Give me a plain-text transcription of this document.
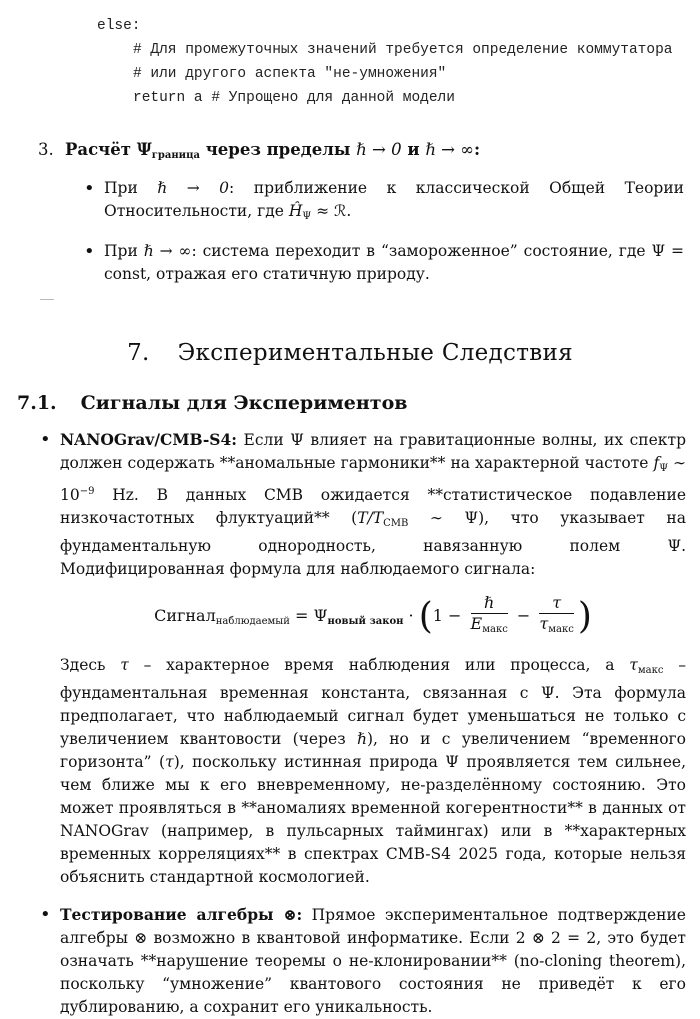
else:
# Для промежуточных значений требуется определение коммутатора
# или другого аспекта "не-умножения"
return a # Упрощено для данной модели
3. Расчёт $\Psi_{граница}$ через пределы ℏ → 0 и ℏ → ∞:
• При ℏ → 0: приближение к классической Общей Теории Относительности, где $Ĥ_\Psi$ ≈ ℛ.
• При ℏ → ∞: система переходит в “замороженное” состояние, где Ψ = const, отражая его статичную природу.
7. Экспериментальные Следствия
7.1. Сигналы для Экспериментов
• NANOGrav/CMB-S4: Если Ψ влияет на гравитационные волны, их спектр должен содержать **аномальные гармоники** на характерной частоте $f_\Psi$ ∼ $10^{-9}$ Hz. В данных CMB ожидается **статистическое подавление низкочастотных флуктуаций** ($T/T_{CMB}$ ∼ Ψ), что указывает на фундаментальную однородность, навязанную полем Ψ. Модифицированная формула для наблюдаемого сигнала:
Сигнал$_{наблюдаемый}$ = $\Psi_{новый закон} \cdot (1 - \frac{\text{ℏ}}{E_{макс}} - \frac{\tau}{\tau_{макс}}$ )
Здесь τ – характерное время наблюдения или процесса, а $\tau_{макс}$ – фундаментальная временная константа, связанная с Ψ. Эта формула предполагает, что наблюдаемый сигнал будет уменьшаться не только с увеличением квантовости (через ℏ), но и с увеличением “временного горизонта” (τ), поскольку истинная природа Ψ проявляется тем сильнее, чем ближе мы к его вневременному, не-разделённому состоянию. Это может проявляться в **аномалиях временной когерентности** в данных от NANOGrav (например, в пульсарных таймингах) или в **характерных временных корреляциях** в спектрах CMB-S4 2025 года, которые нельзя объяснить стандартной космологией.
• Тестирование алгебры ⊗: Прямое экспериментальное подтверждение алгебры ⊗ возможно в квантовой информатике. Если 2 ⊗ 2 = 2, это будет означать **нарушение теоремы о не-клонировании** (no-cloning theorem), поскольку “умножение” квантового состояния не приведёт к его дублированию, а сохранит его уникальность.
